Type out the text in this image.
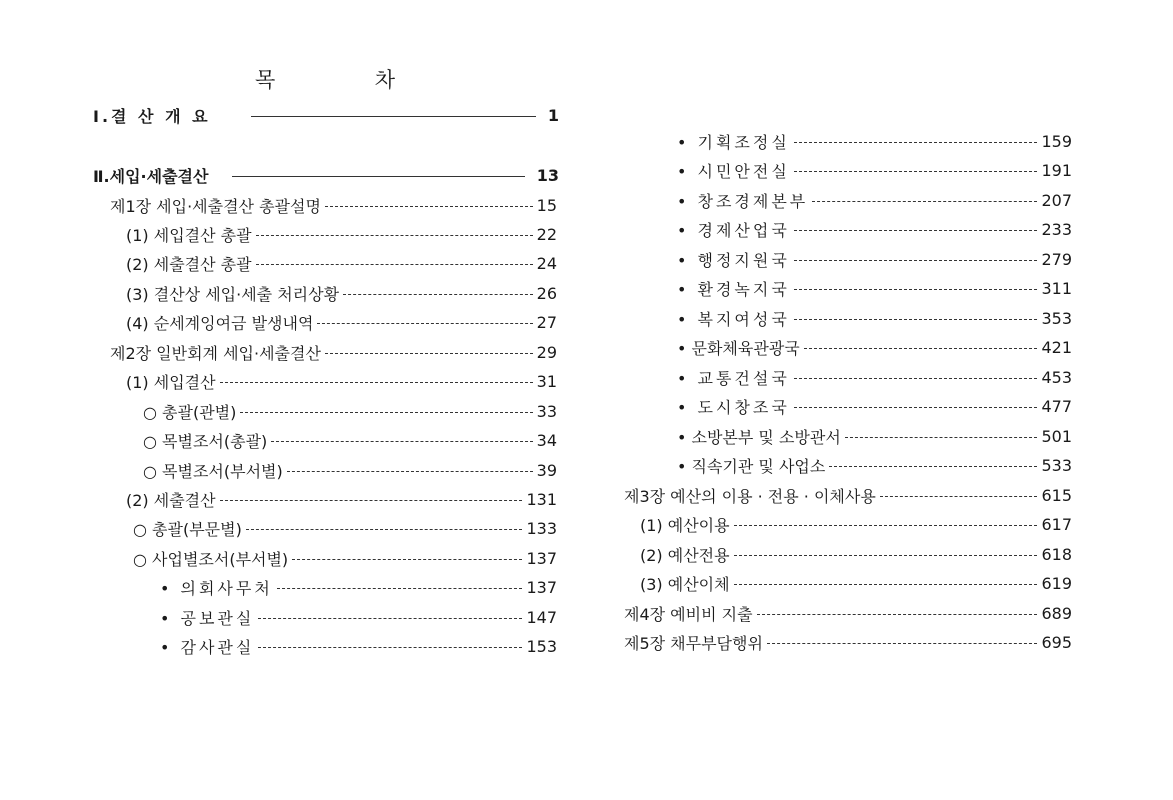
목	차
Ⅰ.결 산 개 요	1
Ⅱ.세입·세출결산	13
제1장 세입·세출결산 총괄설명	15
(1) 세입결산 총괄	22
(2) 세출결산 총괄	24
(3) 결산상 세입·세출 처리상황	26
(4) 순세계잉여금 발생내역	27
제2장 일반회계 세입·세출결산	29
(1) 세입결산	31
○ 총괄(관별)	33
○ 목별조서(총괄)	34
○ 목별조서(부서별)	39
(2) 세출결산	131
○ 총괄(부문별)	133
○ 사업별조서(부서별)	137
• 의회사무처	137
• 공보관실	147
• 감사관실	153
• 기획조정실	159
• 시민안전실	191
• 창조경제본부	207
• 경제산업국	233
• 행정지원국	279
• 환경녹지국	311
• 복지여성국	353
• 문화체육관광국	421
• 교통건설국	453
• 도시창조국	477
• 소방본부 및 소방관서	501
• 직속기관 및 사업소	533
제3장 예산의 이용 · 전용 · 이체사용	615
(1) 예산이용	617
(2) 예산전용	618
(3) 예산이체	619
제4장 예비비 지출	689
제5장 채무부담행위	695
